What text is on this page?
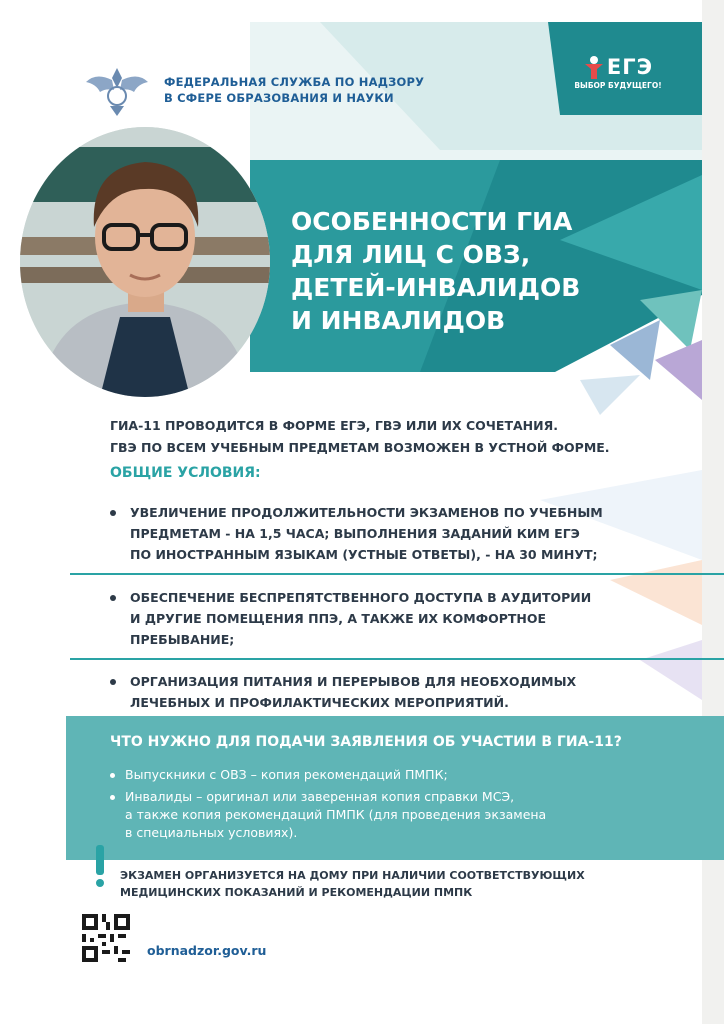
ФЕДЕРАЛЬНАЯ СЛУЖБА ПО НАДЗОРУ
В СФЕРЕ ОБРАЗОВАНИЯ И НАУКИ
ЕГЭ
ВЫБОР БУДУЩЕГО!
ОСОБЕННОСТИ ГИА
ДЛЯ ЛИЦ С ОВЗ,
ДЕТЕЙ-ИНВАЛИДОВ
И ИНВАЛИДОВ
ГИА-11 ПРОВОДИТСЯ В ФОРМЕ ЕГЭ, ГВЭ ИЛИ ИХ СОЧЕТАНИЯ.
ГВЭ ПО ВСЕМ УЧЕБНЫМ ПРЕДМЕТАМ ВОЗМОЖЕН В УСТНОЙ ФОРМЕ.
ОБЩИЕ УСЛОВИЯ:
УВЕЛИЧЕНИЕ ПРОДОЛЖИТЕЛЬНОСТИ ЭКЗАМЕНОВ ПО УЧЕБНЫМ
ПРЕДМЕТАМ - НА 1,5 ЧАСА; ВЫПОЛНЕНИЯ ЗАДАНИЙ КИМ ЕГЭ
ПО ИНОСТРАННЫМ ЯЗЫКАМ (УСТНЫЕ ОТВЕТЫ), - НА 30 МИНУТ;
ОБЕСПЕЧЕНИЕ БЕСПРЕПЯТСТВЕННОГО ДОСТУПА В АУДИТОРИИ
И ДРУГИЕ ПОМЕЩЕНИЯ ППЭ, А ТАКЖЕ ИХ КОМФОРТНОЕ
ПРЕБЫВАНИЕ;
ОРГАНИЗАЦИЯ ПИТАНИЯ И ПЕРЕРЫВОВ ДЛЯ НЕОБХОДИМЫХ
ЛЕЧЕБНЫХ И ПРОФИЛАКТИЧЕСКИХ МЕРОПРИЯТИЙ.
ЧТО НУЖНО ДЛЯ ПОДАЧИ ЗАЯВЛЕНИЯ ОБ УЧАСТИИ В ГИА-11?
Выпускники с ОВЗ – копия рекомендаций ПМПК;
Инвалиды – оригинал или заверенная копия справки МСЭ,
а также копия рекомендаций ПМПК (для проведения экзамена
в специальных условиях).
ЭКЗАМЕН ОРГАНИЗУЕТСЯ НА ДОМУ ПРИ НАЛИЧИИ СООТВЕТСТВУЮЩИХ
МЕДИЦИНСКИХ ПОКАЗАНИЙ И РЕКОМЕНДАЦИИ ПМПК
obrnadzor.gov.ru
